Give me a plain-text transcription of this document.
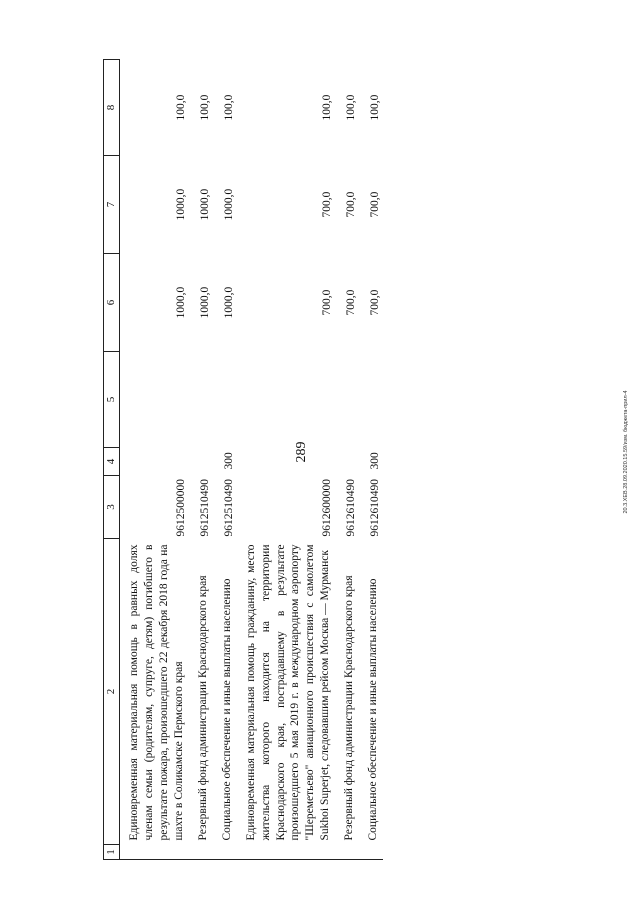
289	20.3.ХЕВ.28.09.2020.15.59/изм. бюджета-прил-4
1	2	3	4	5	6	7	8
	Единовременная материальная помощь в равных долях членам семьи (родителям, супруге, детям) погибшего в результате пожара, произошедшего 22 декабря 2018 года на шахте в Соликамске Пермского края	9612500000			1000,0	1000,0	100,0
	Резервный фонд администрации Краснодарского края	9612510490			1000,0	1000,0	100,0
	Социальное обеспечение и иные выплаты населению	9612510490	300		1000,0	1000,0	100,0
	Единовременная материальная помощь гражданину, место жительства которого находится на территории Краснодарского края, пострадавшему в результате произошедшего 5 мая 2019 г. в международном аэропорту "Шереметьево" авиационного происшествия с самолетом Sukhoi Superjet, следовавшим рейсом Москва — Мурманск	9612600000			700,0	700,0	100,0
	Резервный фонд администрации Краснодарского края	9612610490			700,0	700,0	100,0
	Социальное обеспечение и иные выплаты населению	9612610490	300		700,0	700,0	100,0
